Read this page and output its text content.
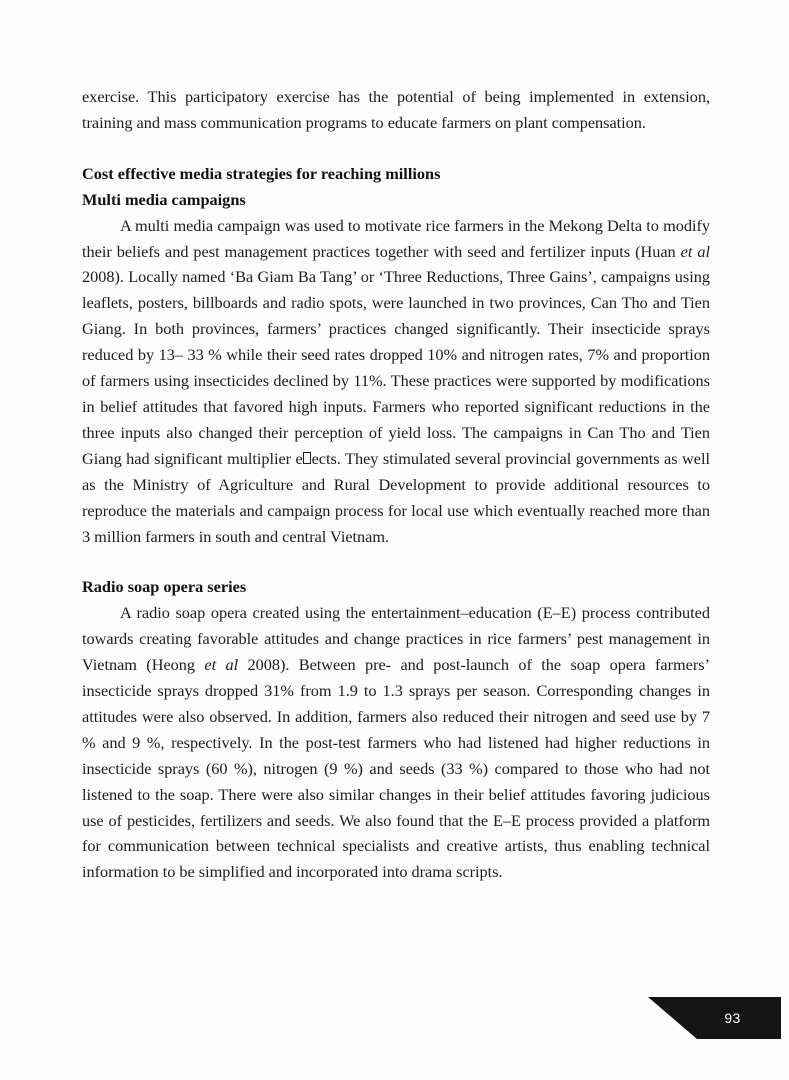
exercise. This participatory exercise has the potential of being implemented in extension, training and mass communication programs to educate farmers on plant compensation.

Cost effective media strategies for reaching millions
Multi media campaigns

A multi media campaign was used to motivate rice farmers in the Mekong Delta to modify their beliefs and pest management practices together with seed and fertilizer inputs (Huan et al 2008). Locally named ‘Ba Giam Ba Tang’ or ‘Three Reductions, Three Gains’, campaigns using leaflets, posters, billboards and radio spots, were launched in two provinces, Can Tho and Tien Giang. In both provinces, farmers’ practices changed significantly. Their insecticide sprays reduced by 13– 33 % while their seed rates dropped 10% and nitrogen rates, 7% and proportion of farmers using insecticides declined by 11%. These practices were supported by modifications in belief attitudes that favored high inputs. Farmers who reported significant reductions in the three inputs also changed their perception of yield loss. The campaigns in Can Tho and Tien Giang had significant multiplier e ects. They stimulated several provincial governments as well as the Ministry of Agriculture and Rural Development to provide additional resources to reproduce the materials and campaign process for local use which eventually reached more than 3 million farmers in south and central Vietnam.

Radio soap opera series

A radio soap opera created using the entertainment–education (E–E) process contributed towards creating favorable attitudes and change practices in rice farmers’ pest management in Vietnam (Heong et al 2008). Between pre- and post-launch of the soap opera farmers’ insecticide sprays dropped 31% from 1.9 to 1.3 sprays per season. Corresponding changes in attitudes were also observed. In addition, farmers also reduced their nitrogen and seed use by 7 % and 9 %, respectively. In the post-test farmers who had listened had higher reductions in insecticide sprays (60 %), nitrogen (9 %) and seeds (33 %) compared to those who had not listened to the soap. There were also similar changes in their belief attitudes favoring judicious use of pesticides, fertilizers and seeds. We also found that the E–E process provided a platform for communication between technical specialists and creative artists, thus enabling technical information to be simplified and incorporated into drama scripts.

93
